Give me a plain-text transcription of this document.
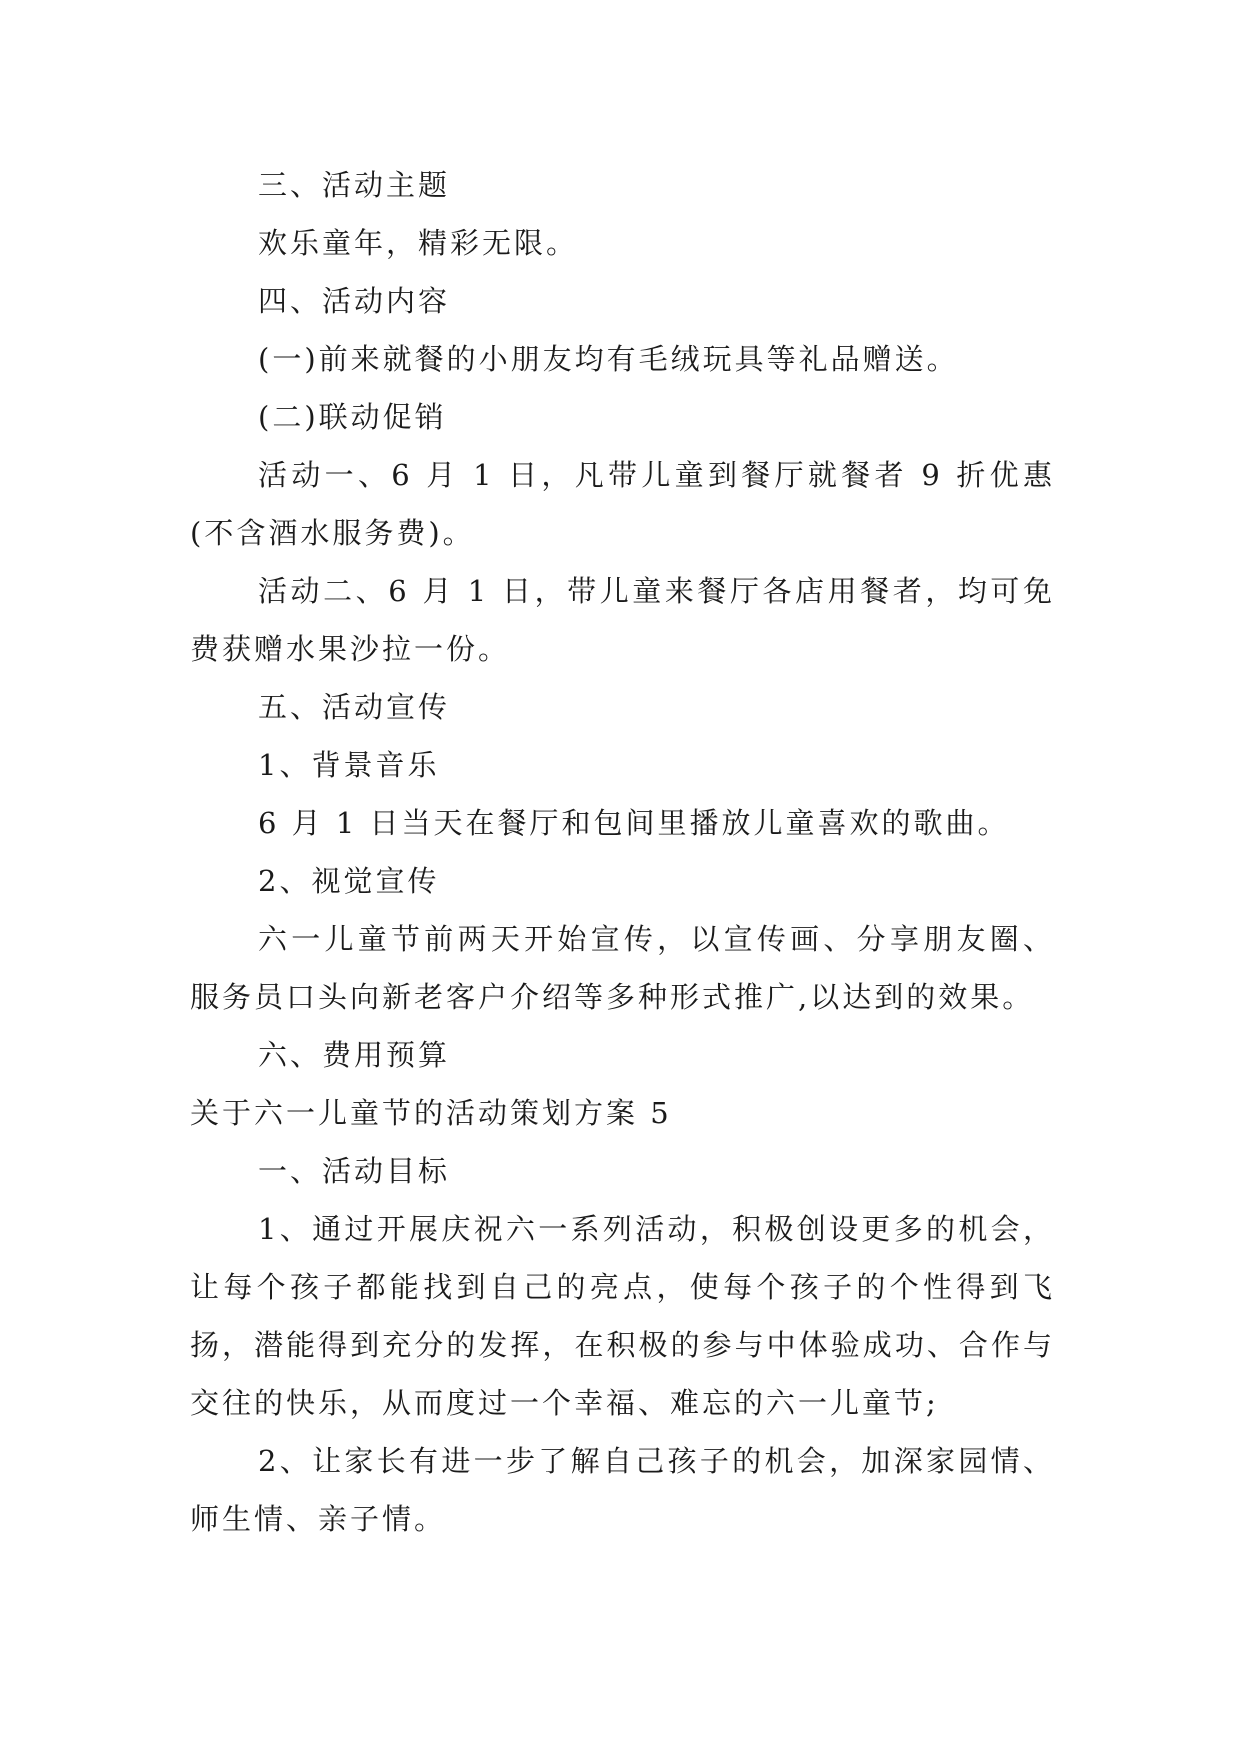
三、活动主题

欢乐童年，精彩无限。

四、活动内容

(一)前来就餐的小朋友均有毛绒玩具等礼品赠送。

(二)联动促销

活动一、6 月 1 日，凡带儿童到餐厅就餐者 9 折优惠(不含酒水服务费)。

活动二、6 月 1 日，带儿童来餐厅各店用餐者，均可免费获赠水果沙拉一份。

五、活动宣传

1、背景音乐

6 月 1 日当天在餐厅和包间里播放儿童喜欢的歌曲。

2、视觉宣传

六一儿童节前两天开始宣传，以宣传画、分享朋友圈、服务员口头向新老客户介绍等多种形式推广,以达到的效果。

六、费用预算

关于六一儿童节的活动策划方案 5

一、活动目标

1、通过开展庆祝六一系列活动，积极创设更多的机会，让每个孩子都能找到自己的亮点，使每个孩子的个性得到飞扬，潜能得到充分的发挥，在积极的参与中体验成功、合作与交往的快乐，从而度过一个幸福、难忘的六一儿童节;

2、让家长有进一步了解自己孩子的机会，加深家园情、师生情、亲子情。
